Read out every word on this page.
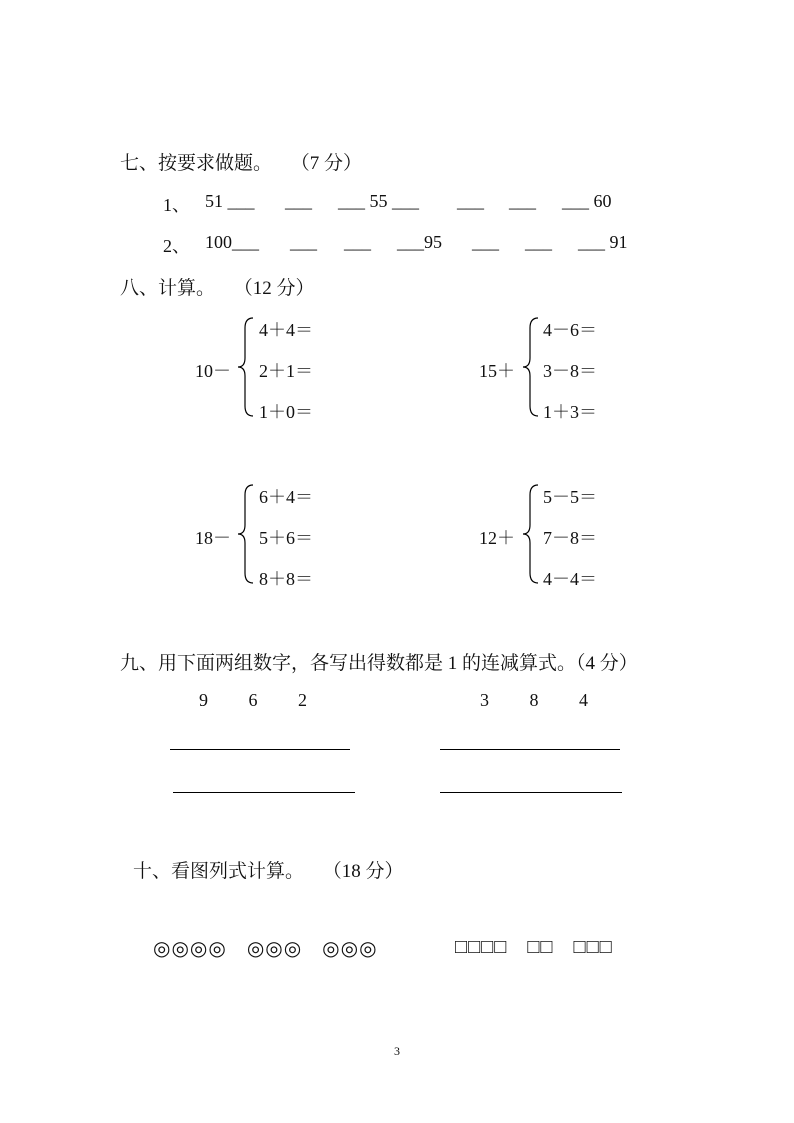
七、按要求做题。 （7 分）
1、 51 ___ ___ ___ 55 ___ ___ ___ ___ 60
2、 100___ ___ ___ ___95 ___ ___ ___ 91
八、计算。 （12 分）
10－
4＋4＝
2＋1＝
1＋0＝
15＋
4－6＝
3－8＝
1＋3＝
18－
6＋4＝
5＋6＝
8＋8＝
12＋
5－5＝
7－8＝
4－4＝
九、用下面两组数字，各写出得数都是 1 的连减算式。（4 分）
9 6 2	3 8 4
十、看图列式计算。 （18 分）
◎◎◎◎ ◎◎◎ ◎◎◎	□□□□ □□ □□□
3
